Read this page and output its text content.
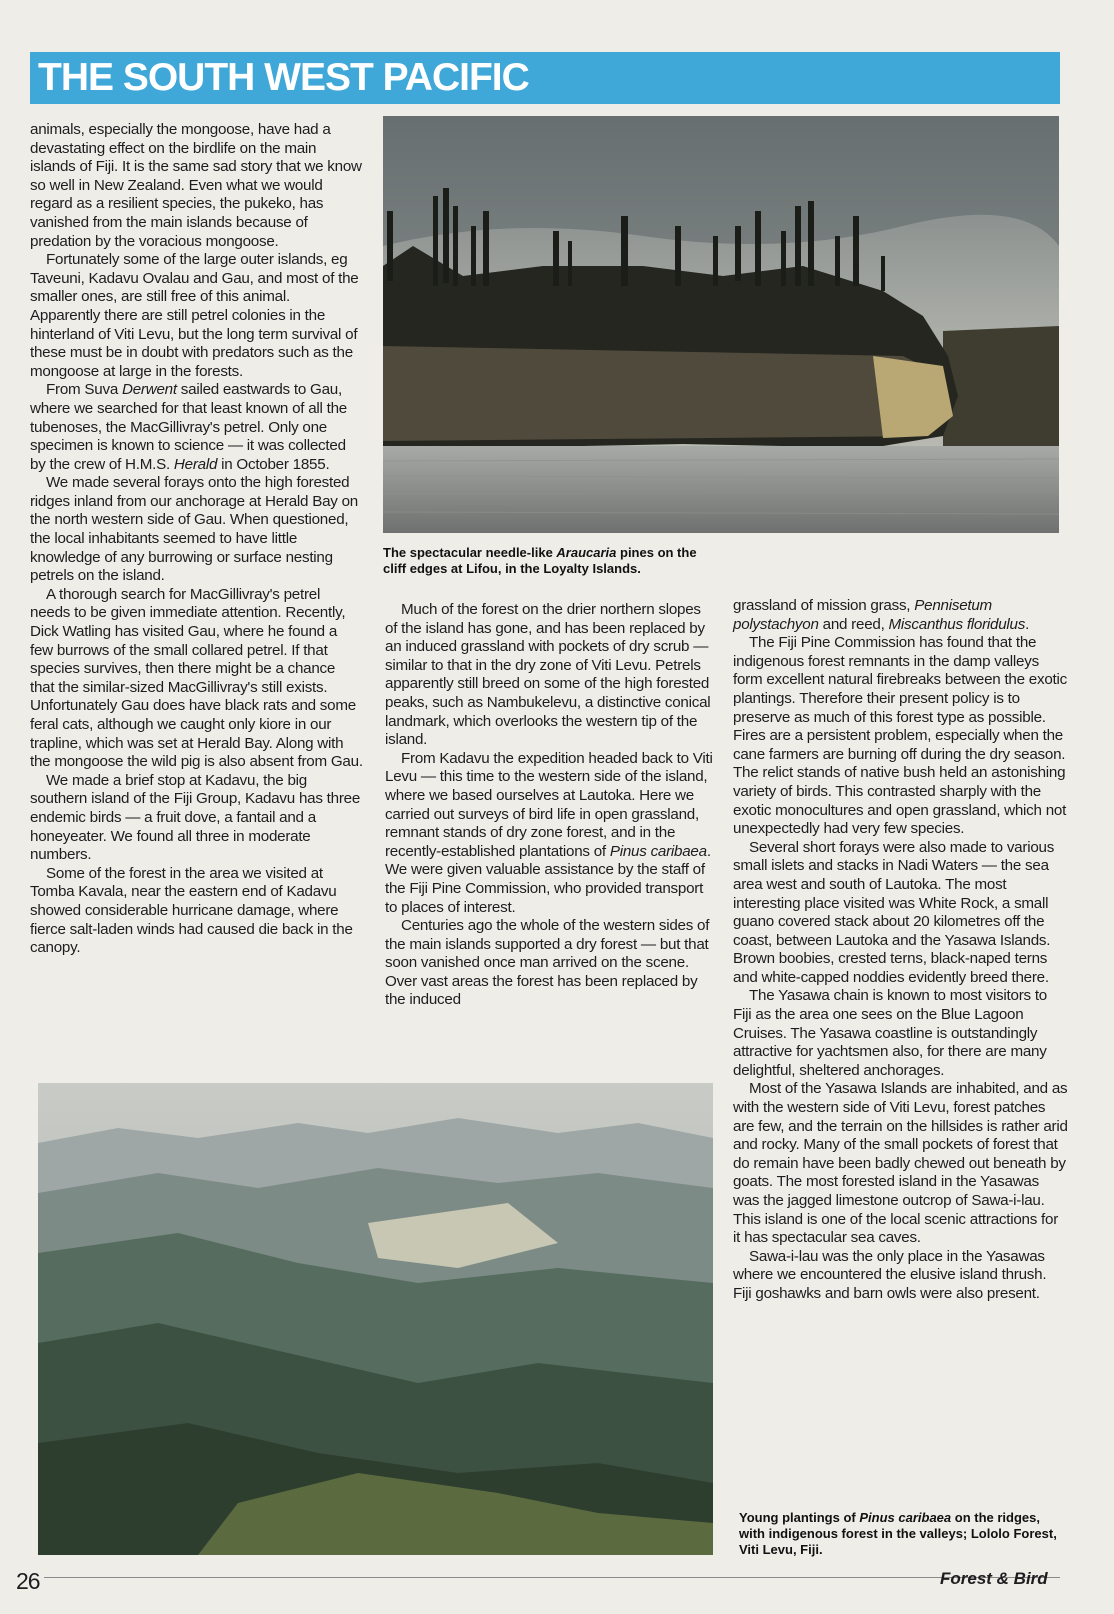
THE SOUTH WEST PACIFIC
The spectacular needle-like Araucaria pines on the cliff edges at Lifou, in the Loyalty Islands.

animals, especially the mongoose, have had a devastating effect on the birdlife on the main islands of Fiji. It is the same sad story that we know so well in New Zealand. Even what we would regard as a resilient species, the pukeko, has vanished from the main islands because of predation by the voracious mongoose.

Fortunately some of the large outer islands, eg Taveuni, Kadavu Ovalau and Gau, and most of the smaller ones, are still free of this animal. Apparently there are still petrel colonies in the hinterland of Viti Levu, but the long term survival of these must be in doubt with predators such as the mongoose at large in the forests.

From Suva Derwent sailed eastwards to Gau, where we searched for that least known of all the tubenoses, the MacGillivray's petrel. Only one specimen is known to science — it was collected by the crew of H.M.S. Herald in October 1855.

We made several forays onto the high forested ridges inland from our anchorage at Herald Bay on the north western side of Gau. When questioned, the local inhabitants seemed to have little knowledge of any burrowing or surface nesting petrels on the island.

A thorough search for MacGillivray's petrel needs to be given immediate attention. Recently, Dick Watling has visited Gau, where he found a few burrows of the small collared petrel. If that species survives, then there might be a chance that the similar-sized MacGillivray's still exists. Unfortunately Gau does have black rats and some feral cats, although we caught only kiore in our trapline, which was set at Herald Bay. Along with the mongoose the wild pig is also absent from Gau.

We made a brief stop at Kadavu, the big southern island of the Fiji Group, Kadavu has three endemic birds — a fruit dove, a fantail and a honeyeater. We found all three in moderate numbers.

Some of the forest in the area we visited at Tomba Kavala, near the eastern end of Kadavu showed considerable hurricane damage, where fierce salt-laden winds had caused die back in the canopy.

Much of the forest on the drier northern slopes of the island has gone, and has been replaced by an induced grassland with pockets of dry scrub — similar to that in the dry zone of Viti Levu. Petrels apparently still breed on some of the high forested peaks, such as Nambukelevu, a distinctive conical landmark, which overlooks the western tip of the island.

From Kadavu the expedition headed back to Viti Levu — this time to the western side of the island, where we based ourselves at Lautoka. Here we carried out surveys of bird life in open grassland, remnant stands of dry zone forest, and in the recently-established plantations of Pinus caribaea. We were given valuable assistance by the staff of the Fiji Pine Commission, who provided transport to places of interest.

Centuries ago the whole of the western sides of the main islands supported a dry forest — but that soon vanished once man arrived on the scene. Over vast areas the forest has been replaced by the induced

grassland of mission grass, Pennisetum polystachyon and reed, Miscanthus floridulus.

The Fiji Pine Commission has found that the indigenous forest remnants in the damp valleys form excellent natural firebreaks between the exotic plantings. Therefore their present policy is to preserve as much of this forest type as possible. Fires are a persistent problem, especially when the cane farmers are burning off during the dry season. The relict stands of native bush held an astonishing variety of birds. This contrasted sharply with the exotic monocultures and open grassland, which not unexpectedly had very few species.

Several short forays were also made to various small islets and stacks in Nadi Waters — the sea area west and south of Lautoka. The most interesting place visited was White Rock, a small guano covered stack about 20 kilometres off the coast, between Lautoka and the Yasawa Islands. Brown boobies, crested terns, black-naped terns and white-capped noddies evidently breed there.

The Yasawa chain is known to most visitors to Fiji as the area one sees on the Blue Lagoon Cruises. The Yasawa coastline is outstandingly attractive for yachtsmen also, for there are many delightful, sheltered anchorages.

Most of the Yasawa Islands are inhabited, and as with the western side of Viti Levu, forest patches are few, and the terrain on the hillsides is rather arid and rocky. Many of the small pockets of forest that do remain have been badly chewed out beneath by goats. The most forested island in the Yasawas was the jagged limestone outcrop of Sawa-i-lau. This island is one of the local scenic attractions for it has spectacular sea caves.

Sawa-i-lau was the only place in the Yasawas where we encountered the elusive island thrush. Fiji goshawks and barn owls were also present.

Young plantings of Pinus caribaea on the ridges, with indigenous forest in the valleys; Lololo Forest, Viti Levu, Fiji.
26	Forest & Bird
